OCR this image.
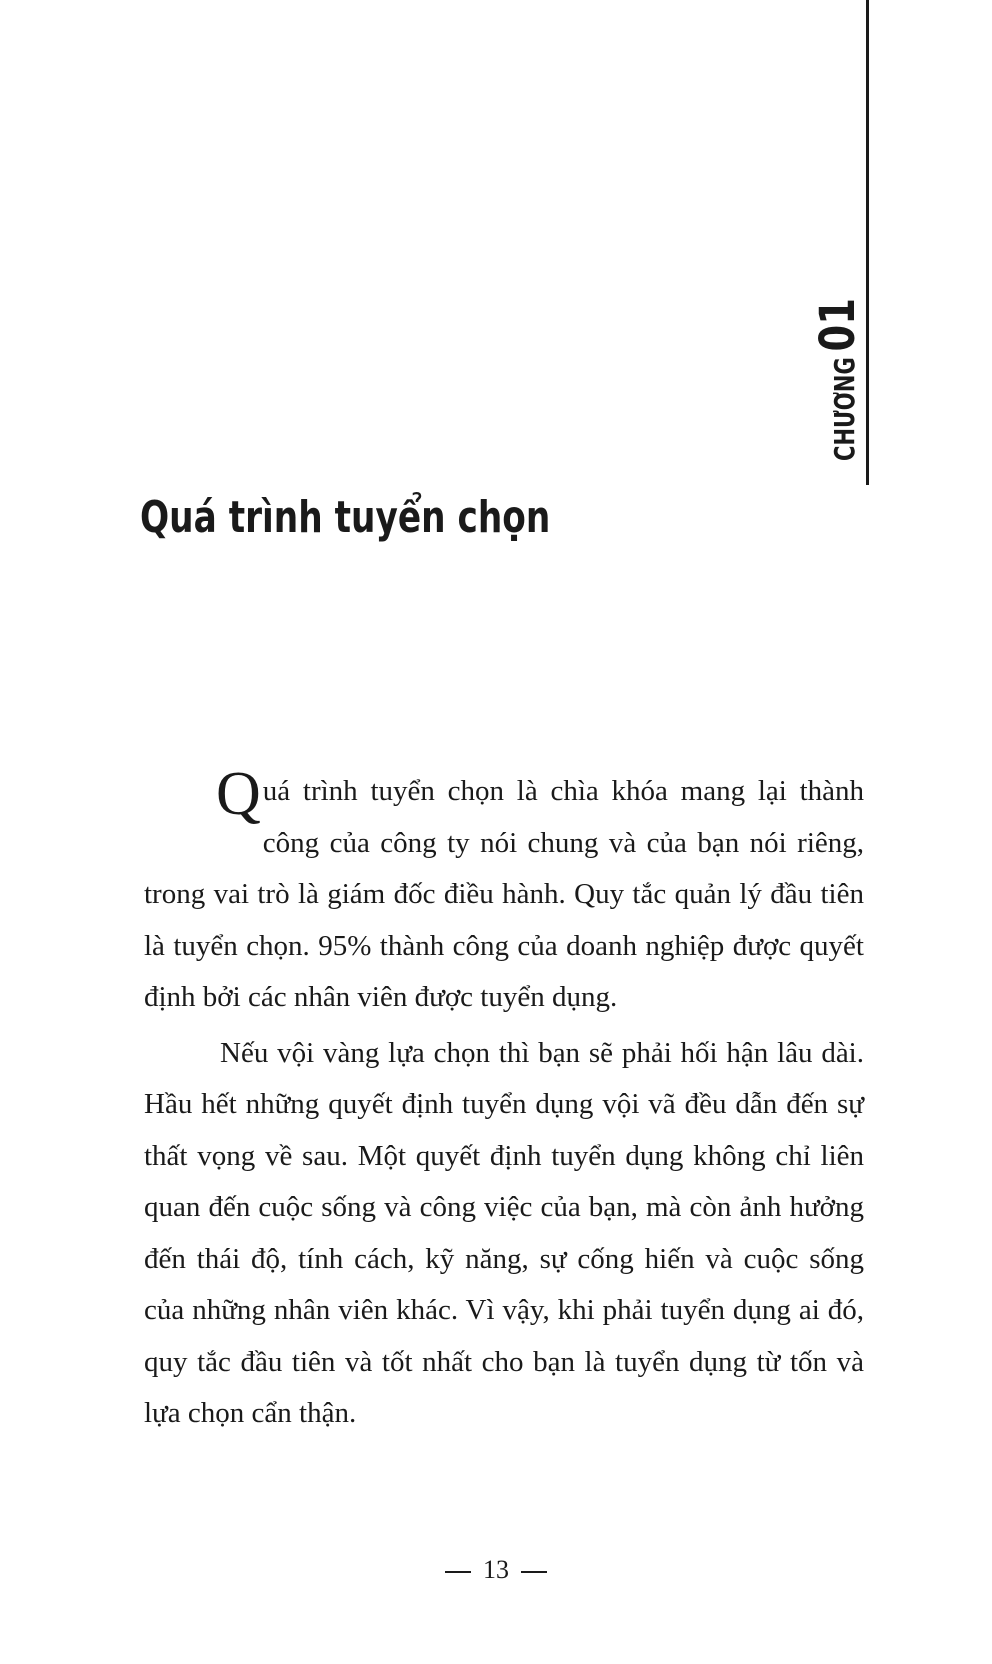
CHƯƠNG
01
Quá trình tuyển chọn

Quá trình tuyển chọn là chìa khóa mang lại thành công của công ty nói chung và của bạn nói riêng, trong vai trò là giám đốc điều hành. Quy tắc quản lý đầu tiên là tuyển chọn. 95% thành công của doanh nghiệp được quyết định bởi các nhân viên được tuyển dụng.

Nếu vội vàng lựa chọn thì bạn sẽ phải hối hận lâu dài. Hầu hết những quyết định tuyển dụng vội vã đều dẫn đến sự thất vọng về sau. Một quyết định tuyển dụng không chỉ liên quan đến cuộc sống và công việc của bạn, mà còn ảnh hưởng đến thái độ, tính cách, kỹ năng, sự cống hiến và cuộc sống của những nhân viên khác. Vì vậy, khi phải tuyển dụng ai đó, quy tắc đầu tiên và tốt nhất cho bạn là tuyển dụng từ tốn và lựa chọn cẩn thận.

13
